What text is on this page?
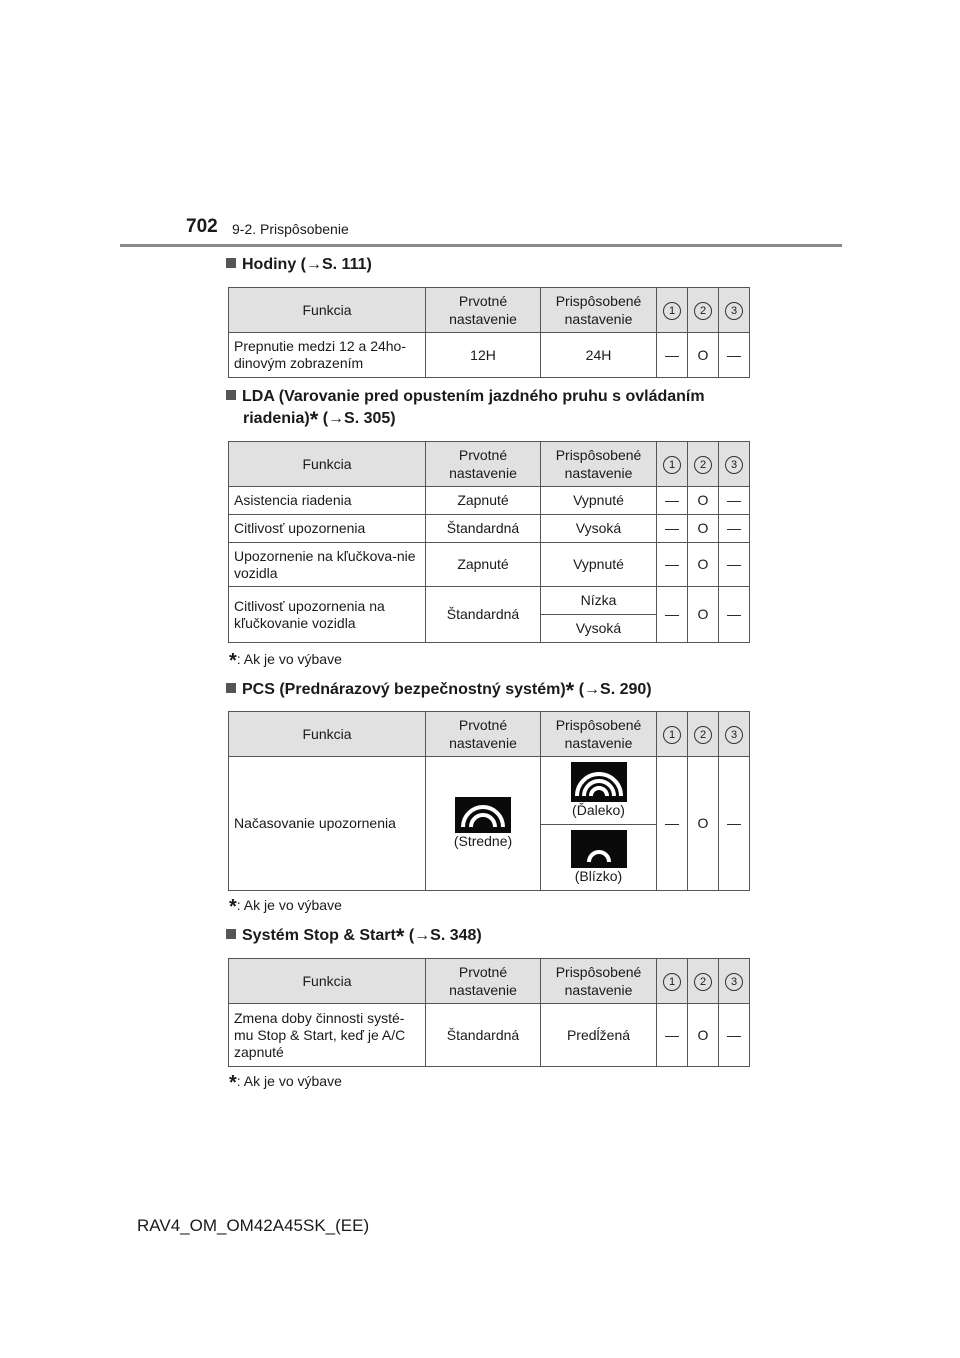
702 9-2. Prispôsobenie
Hodiny (→S. 111)
Funkcia	Prvotné nastavenie	Prispôsobené nastavenie	1	2	3
Prepnutie medzi 12 a 24ho-dinovým zobrazením	12H	24H	—	O	—
LDA (Varovanie pred opustením jazdného pruhu s ovládaním
riadenia)* (→S. 305)
Funkcia	Prvotné nastavenie	Prispôsobené nastavenie	1	2	3
Asistencia riadenia	Zapnuté	Vypnuté	—	O	—
Citlivosť upozornenia	Štandardná	Vysoká	—	O	—
Upozornenie na kľučkova-nie vozidla	Zapnuté	Vypnuté	—	O	—
Citlivosť upozornenia na kľučkovanie vozidla	Štandardná	Nízka	—	O	—
		Vysoká			
*: Ak je vo výbave
PCS (Prednárazový bezpečnostný systém)* (→S. 290)
Funkcia	Prvotné nastavenie	Prispôsobené nastavenie	1	2	3
Načasovanie upozornenia	(Stredne)	(Ďaleko)	—	O	—

		(Blízko)			
*: Ak je vo výbave
Systém Stop & Start* (→S. 348)
Funkcia	Prvotné nastavenie	Prispôsobené nastavenie	1	2	3
Zmena doby činnosti systé-mu Stop & Start, keď je A/C zapnuté	Štandardná	Predĺžená	—	O	—
*: Ak je vo výbave
RAV4_OM_OM42A45SK_(EE)
